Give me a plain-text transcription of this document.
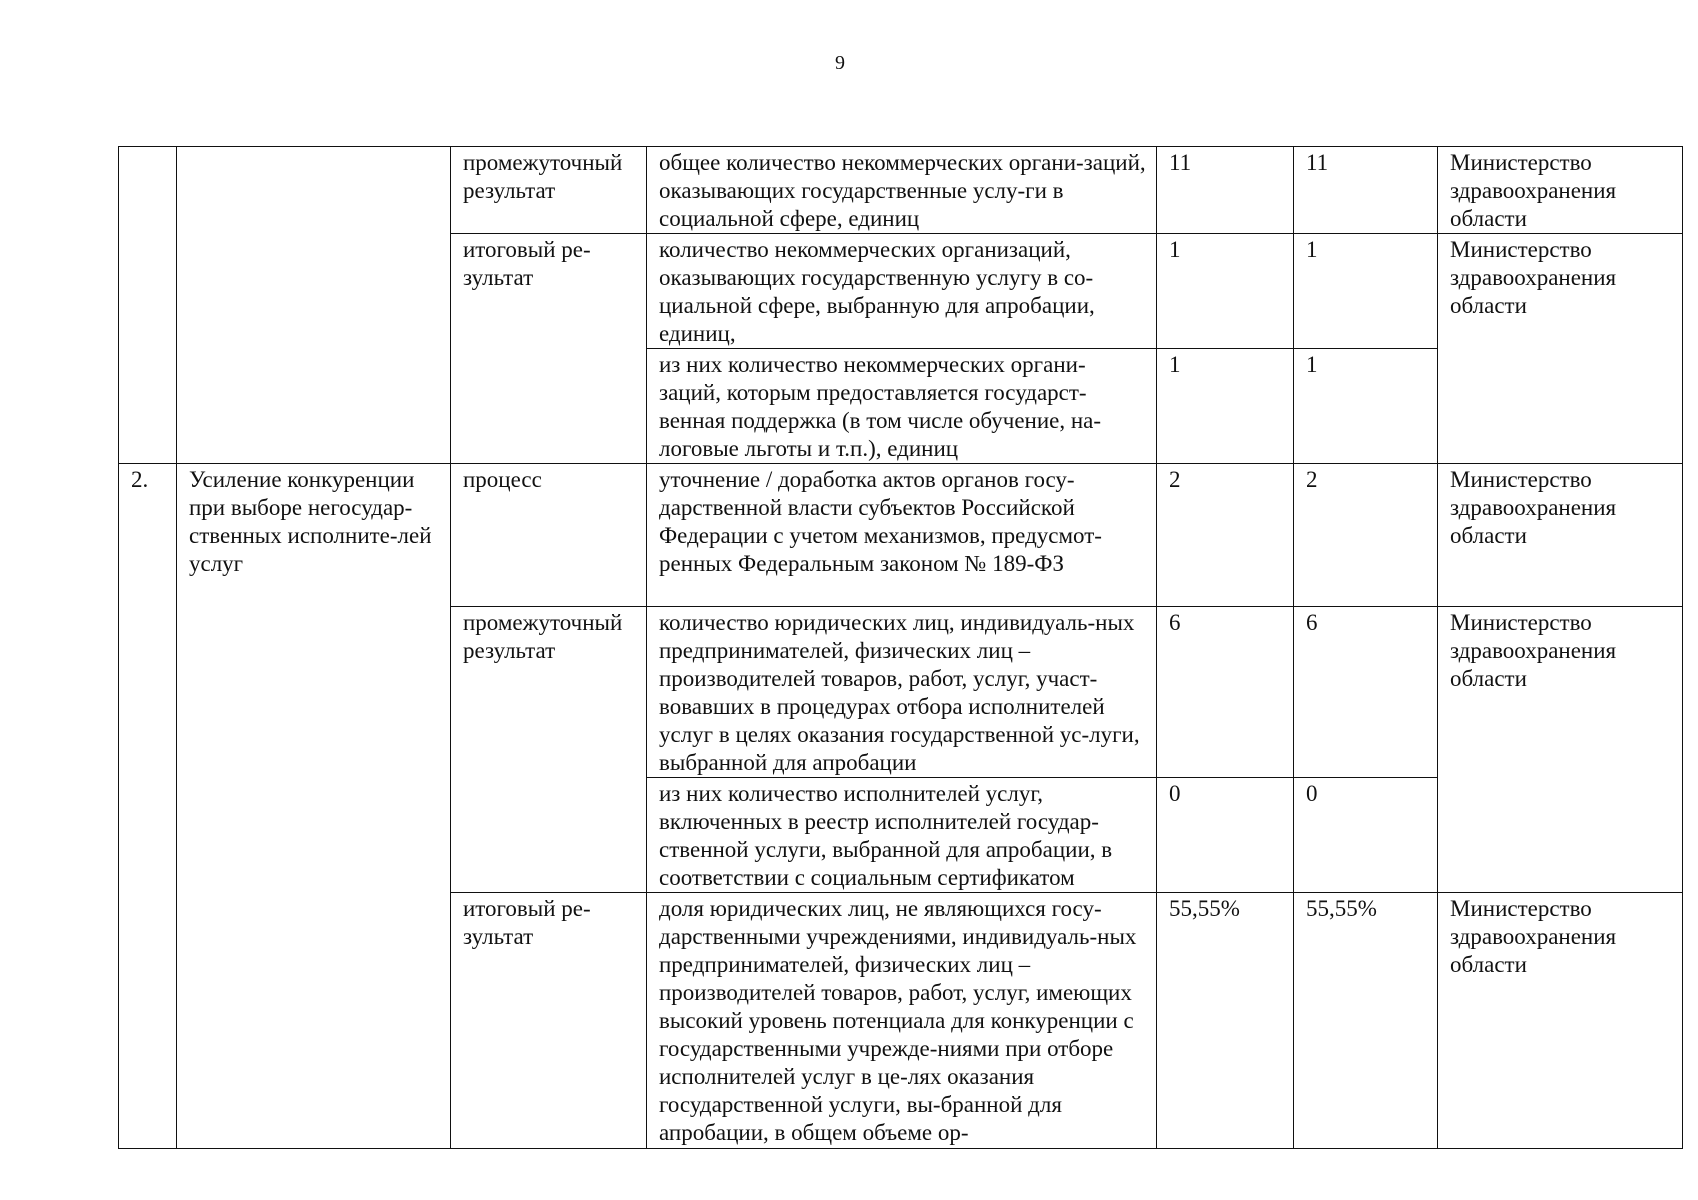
9
		промежуточный результат	общее количество некоммерческих органи-заций, оказывающих государственные услу-ги в социальной сфере, единиц	11	11	Министерство здравоохранения области
		итоговый ре-зультат	количество некоммерческих организаций, оказывающих государственную услугу в со-циальной сфере, выбранную для апробации, единиц,	1	1	Министерство здравоохранения области
			из них количество некоммерческих органи-заций, которым предоставляется государст-венная поддержка (в том числе обучение, на-логовые льготы и т.п.), единиц	1	1	
2.	Усиление конкуренции при выборе негосудар-ственных исполните-лей услуг	процесс	уточнение / доработка актов органов госу-дарственной власти субъектов Российской Федерации с учетом механизмов, предусмот-ренных Федеральным законом № 189-ФЗ	2	2	Министерство здравоохранения области
		промежуточный результат	количество юридических лиц, индивидуаль-ных предпринимателей, физических лиц – производителей товаров, работ, услуг, участ-вовавших в процедурах отбора исполнителей услуг в целях оказания государственной ус-луги, выбранной для апробации	6	6	Министерство здравоохранения области
			из них количество исполнителей услуг, включенных в реестр исполнителей государ-ственной услуги, выбранной для апробации, в соответствии с социальным сертификатом	0	0	
		итоговый ре-зультат	доля юридических лиц, не являющихся госу-дарственными учреждениями, индивидуаль-ных предпринимателей, физических лиц – производителей товаров, работ, услуг, имеющих высокий уровень потенциала для конкуренции с государственными учрежде-ниями при отборе исполнителей услуг в це-лях оказания государственной услуги, вы-бранной для апробации, в общем объеме ор-	55,55%	55,55%	Министерство здравоохранения области
